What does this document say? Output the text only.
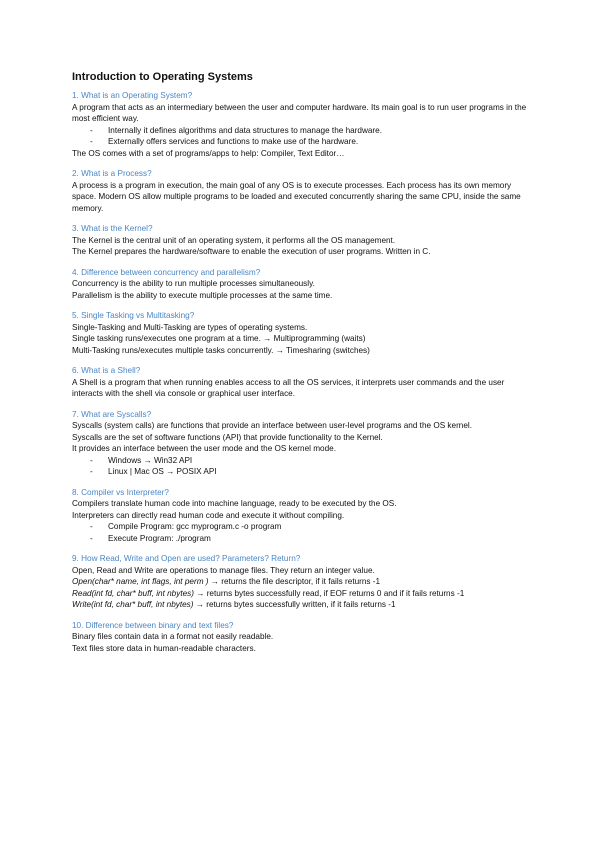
Introduction to Operating Systems
1. What is an Operating System?
A program that acts as an intermediary between the user and computer hardware. Its main goal is to run user programs in the most efficient way.
- Internally it defines algorithms and data structures to manage the hardware.
- Externally offers services and functions to make use of the hardware.
The OS comes with a set of programs/apps to help: Compiler, Text Editor…
2. What is a Process?
A process is a program in execution, the main goal of any OS is to execute processes. Each process has its own memory space. Modern OS allow multiple programs to be loaded and executed concurrently sharing the same CPU, inside the same memory.
3. What is the Kernel?
The Kernel is the central unit of an operating system, it performs all the OS management.
The Kernel prepares the hardware/software to enable the execution of user programs. Written in C.
4. Difference between concurrency and parallelism?
Concurrency is the ability to run multiple processes simultaneously.
Parallelism is the ability to execute multiple processes at the same time.
5. Single Tasking vs Multitasking?
Single-Tasking and Multi-Tasking are types of operating systems.
Single tasking runs/executes one program at a time. → Multiprogramming (waits)
Multi-Tasking runs/executes multiple tasks concurrently. → Timesharing (switches)
6. What is a Shell?
A Shell is a program that when running enables access to all the OS services, it interprets user commands and the user interacts with the shell via console or graphical user interface.
7. What are Syscalls?
Syscalls (system calls) are functions that provide an interface between user-level programs and the OS kernel.
Syscalls are the set of software functions (API) that provide functionality to the Kernel.
It provides an interface between the user mode and the OS kernel mode.
- Windows → Win32 API
- Linux | Mac OS → POSIX API
8. Compiler vs Interpreter?
Compilers translate human code into machine language, ready to be executed by the OS.
Interpreters can directly read human code and execute it without compiling.
- Compile Program: gcc myprogram.c -o program
- Execute Program: ./program
9. How Read, Write and Open are used? Parameters? Return?
Open, Read and Write are operations to manage files. They return an integer value.
Open(char* name, int flags, int perm ) → returns the file descriptor, if it fails returns -1
Read(int fd, char* buff, int nbytes) → returns bytes successfully read, if EOF returns 0 and if it fails returns -1
Write(int fd, char* buff, int nbytes) → returns bytes successfully written, if it fails returns -1
10. Difference between binary and text files?
Binary files contain data in a format not easily readable.
Text files store data in human-readable characters.
